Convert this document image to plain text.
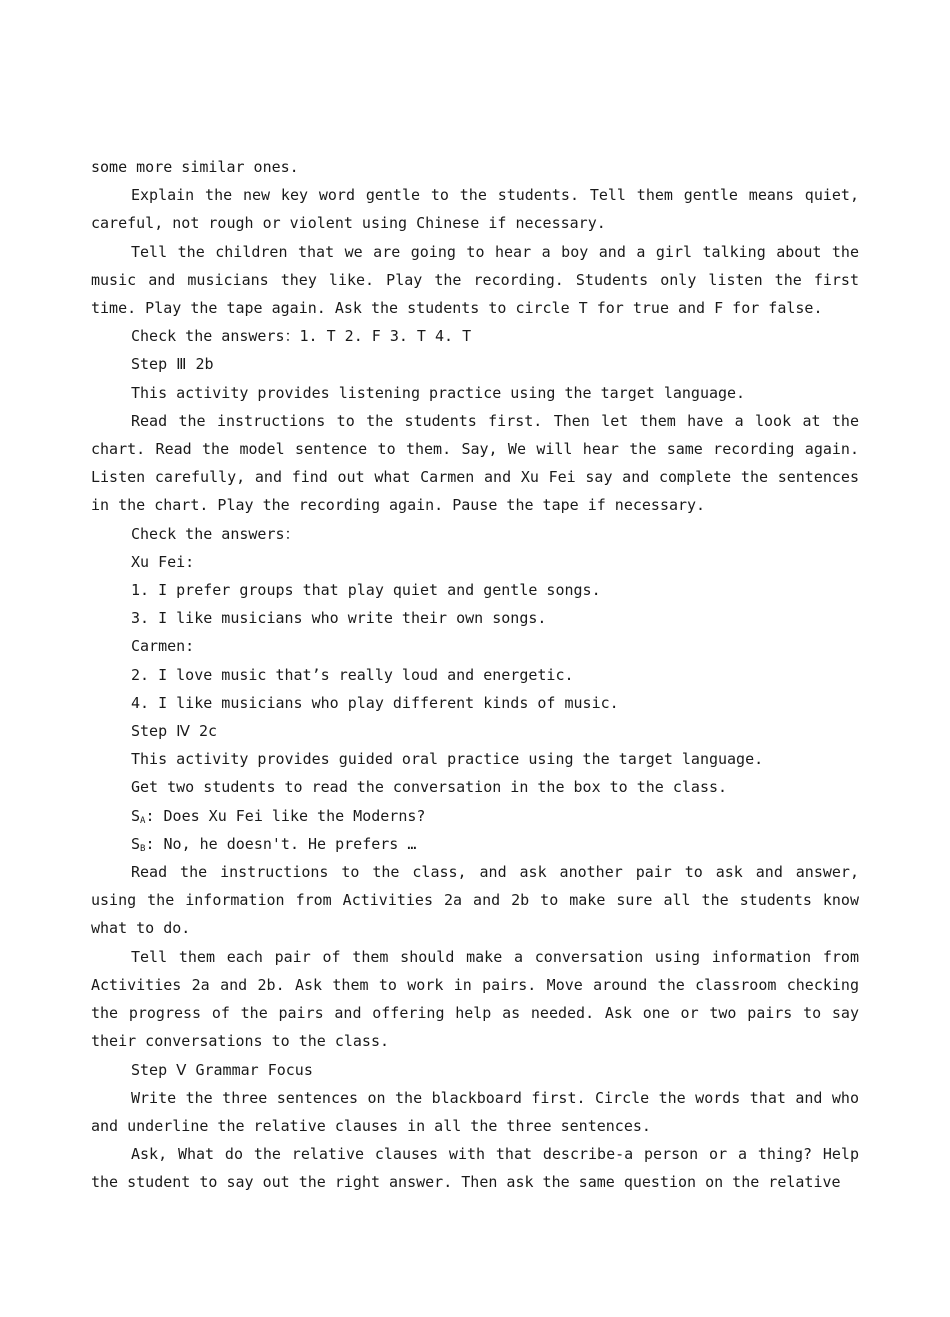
some more similar ones.

Explain the new key word gentle to the students. Tell them gentle means quiet, careful, not rough or violent using Chinese if necessary.

Tell the children that we are going to hear a boy and a girl talking about the music and musicians they like. Play the recording. Students only listen the first time. Play the tape again. Ask the students to circle T for true and F for false.

Check the answers：1. T 2. F 3. T 4. T

Step Ⅲ 2b

This activity provides listening practice using the target language.

Read the instructions to the students first. Then let them have a look at the chart. Read the model sentence to them. Say, We will hear the same recording again. Listen carefully, and find out what Carmen and Xu Fei say and complete the sentences in the chart. Play the recording again. Pause the tape if necessary.

Check the answers：

Xu Fei:

1. I prefer groups that play quiet and gentle songs.

3. I like musicians who write their own songs.

Carmen:

2. I love music that’s really loud and energetic.

4. I like musicians who play different kinds of music.

Step Ⅳ 2c

This activity provides guided oral practice using the target language.

Get two students to read the conversation in the box to the class.

$S_A$: Does Xu Fei like the Moderns?

$S_B$: No, he doesn't. He prefers …

Read the instructions to the class, and ask another pair to ask and answer, using the information from Activities 2a and 2b to make sure all the students know what to do.

Tell them each pair of them should make a conversation using information from Activities 2a and 2b. Ask them to work in pairs. Move around the classroom checking the progress of the pairs and offering help as needed. Ask one or two pairs to say their conversations to the class.

Step Ⅴ Grammar Focus

Write the three sentences on the blackboard first. Circle the words that and who and underline the relative clauses in all the three sentences.

Ask, What do the relative clauses with that describe-a person or a thing? Help the student to say out the right answer. Then ask the same question on the relative
